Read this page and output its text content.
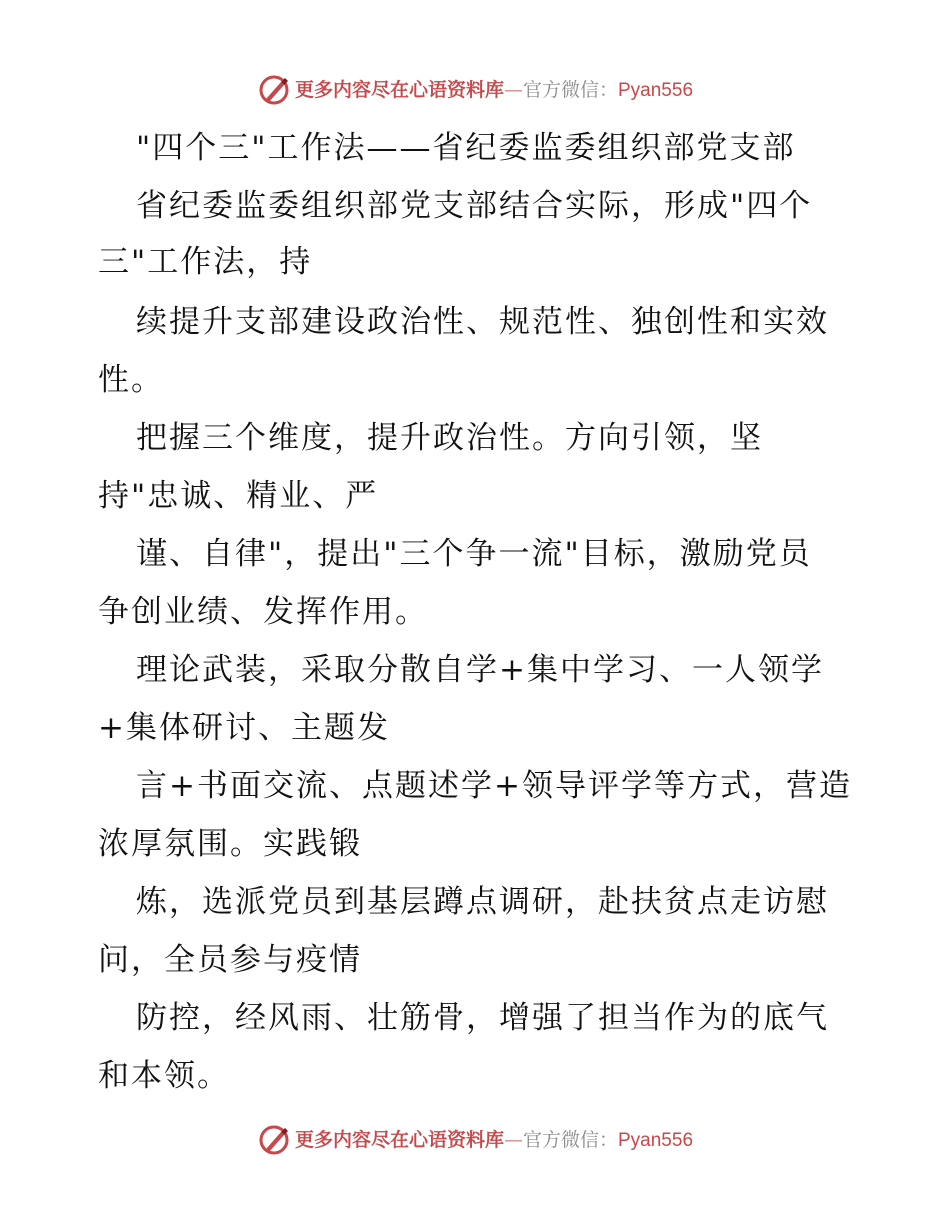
更多内容尽在心语资料库 — 官方微信： Pyan556
"四个三"工作法——省纪委监委组织部党支部
省纪委监委组织部党支部结合实际，形成"四个
三"工作法，持
续提升支部建设政治性、规范性、独创性和实效
性。
把握三个维度，提升政治性。方向引领，坚
持"忠诚、精业、严
谨、自律"，提出"三个争一流"目标，激励党员
争创业绩、发挥作用。
理论武装，采取分散自学+集中学习、一人领学
+集体研讨、主题发
言+书面交流、点题述学+领导评学等方式，营造
浓厚氛围。实践锻
炼，选派党员到基层蹲点调研，赴扶贫点走访慰
问，全员参与疫情
防控，经风雨、壮筋骨，增强了担当作为的底气
和本领。
更多内容尽在心语资料库 — 官方微信： Pyan556
